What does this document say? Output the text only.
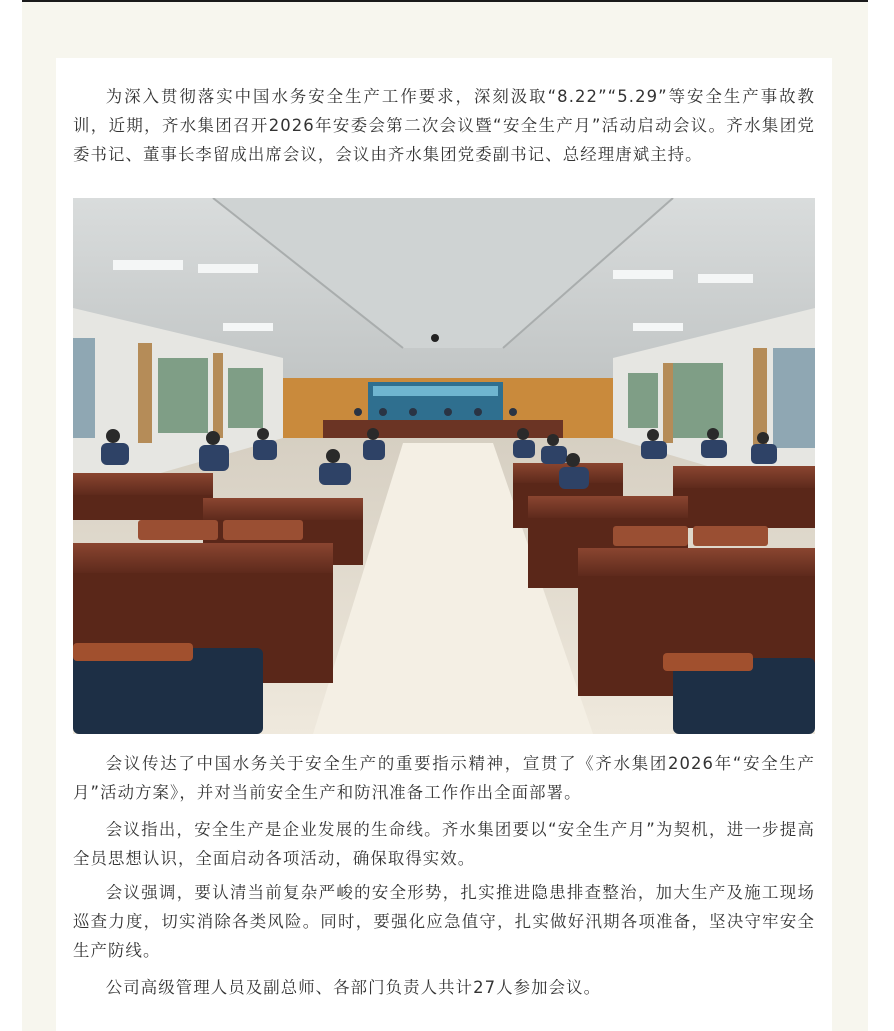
为深入贯彻落实中国水务安全生产工作要求，深刻汲取“8.22”“5.29”等安全生产事故教训，近期，齐水集团召开2026年安委会第二次会议暨“安全生产月”活动启动会议。齐水集团党委书记、董事长李留成出席会议，会议由齐水集团党委副书记、总经理唐斌主持。

会议传达了中国水务关于安全生产的重要指示精神，宣贯了《齐水集团2026年“安全生产月”活动方案》，并对当前安全生产和防汛准备工作作出全面部署。

会议指出，安全生产是企业发展的生命线。齐水集团要以“安全生产月”为契机，进一步提高全员思想认识，全面启动各项活动，确保取得实效。

会议强调，要认清当前复杂严峻的安全形势，扎实推进隐患排查整治，加大生产及施工现场巡查力度，切实消除各类风险。同时，要强化应急值守，扎实做好汛期各项准备，坚决守牢安全生产防线。

公司高级管理人员及副总师、各部门负责人共计27人参加会议。
